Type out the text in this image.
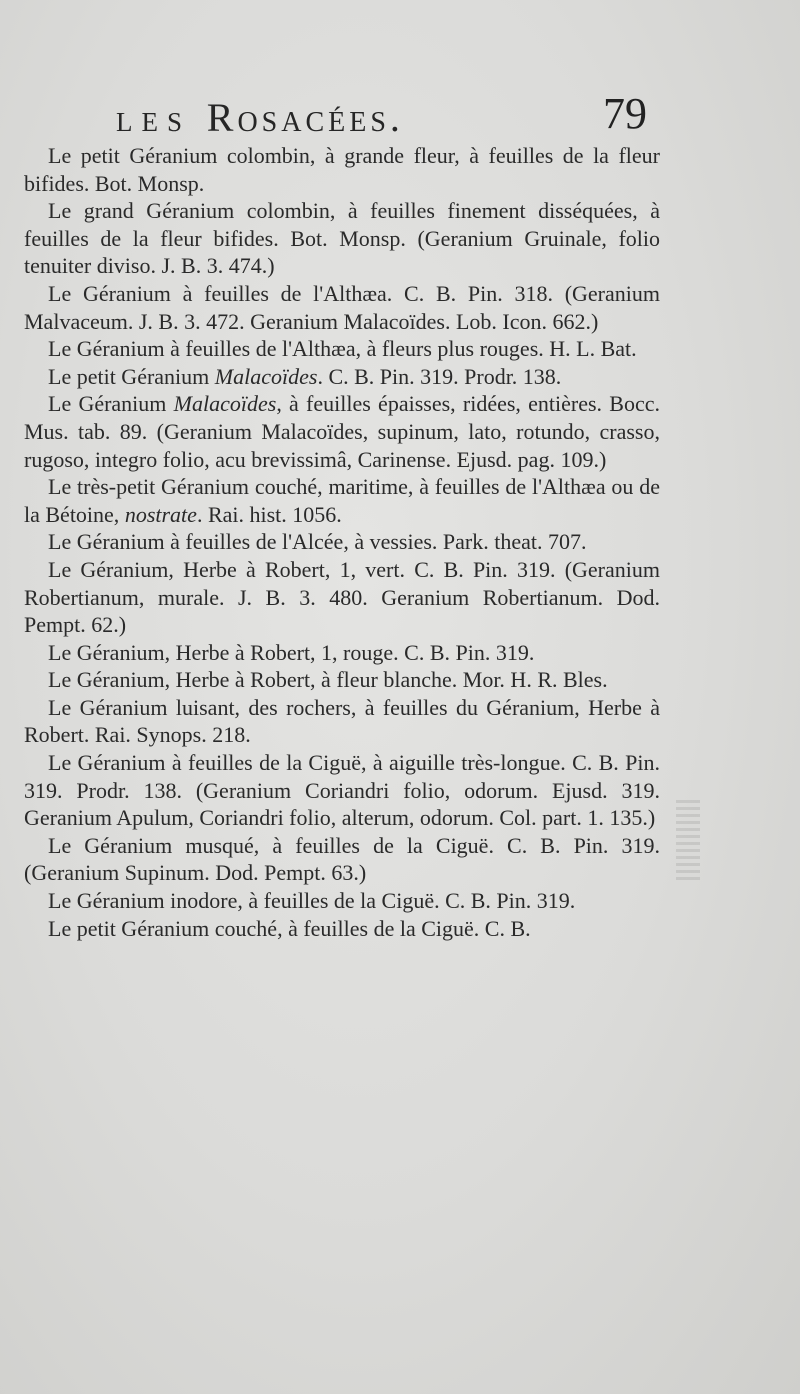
LES Rosacées.	79

Le petit Géranium colombin, à grande fleur, à feuilles de la fleur bifides. Bot. Monsp.

Le grand Géranium colombin, à feuilles finement disséquées, à feuilles de la fleur bifides. Bot. Monsp. (Geranium Gruinale, folio tenuiter diviso. J. B. 3. 474.)

Le Géranium à feuilles de l'Althæa. C. B. Pin. 318. (Geranium Malvaceum. J. B. 3. 472. Geranium Malacoïdes. Lob. Icon. 662.)

Le Géranium à feuilles de l'Althæa, à fleurs plus rouges. H. L. Bat.

Le petit Géranium Malacoïdes. C. B. Pin. 319. Prodr. 138.

Le Géranium Malacoïdes, à feuilles épaisses, ridées, entières. Bocc. Mus. tab. 89. (Geranium Malacoïdes, supinum, lato, rotundo, crasso, rugoso, integro folio, acu brevissimâ, Carinense. Ejusd. pag. 109.)

Le très-petit Géranium couché, maritime, à feuilles de l'Althæa ou de la Bétoine, nostrate. Rai. hist. 1056.

Le Géranium à feuilles de l'Alcée, à vessies. Park. theat. 707.

Le Géranium, Herbe à Robert, 1, vert. C. B. Pin. 319. (Geranium Robertianum, murale. J. B. 3. 480. Geranium Robertianum. Dod. Pempt. 62.)

Le Géranium, Herbe à Robert, 1, rouge. C. B. Pin. 319.

Le Géranium, Herbe à Robert, à fleur blanche. Mor. H. R. Bles.

Le Géranium luisant, des rochers, à feuilles du Géranium, Herbe à Robert. Rai. Synops. 218.

Le Géranium à feuilles de la Ciguë, à aiguille très-longue. C. B. Pin. 319. Prodr. 138. (Geranium Coriandri folio, odorum. Ejusd. 319. Geranium Apulum, Coriandri folio, alterum, odorum. Col. part. 1. 135.)

Le Géranium musqué, à feuilles de la Ciguë. C. B. Pin. 319. (Geranium Supinum. Dod. Pempt. 63.)

Le Géranium inodore, à feuilles de la Ciguë. C. B. Pin. 319.

Le petit Géranium couché, à feuilles de la Ciguë. C. B.
